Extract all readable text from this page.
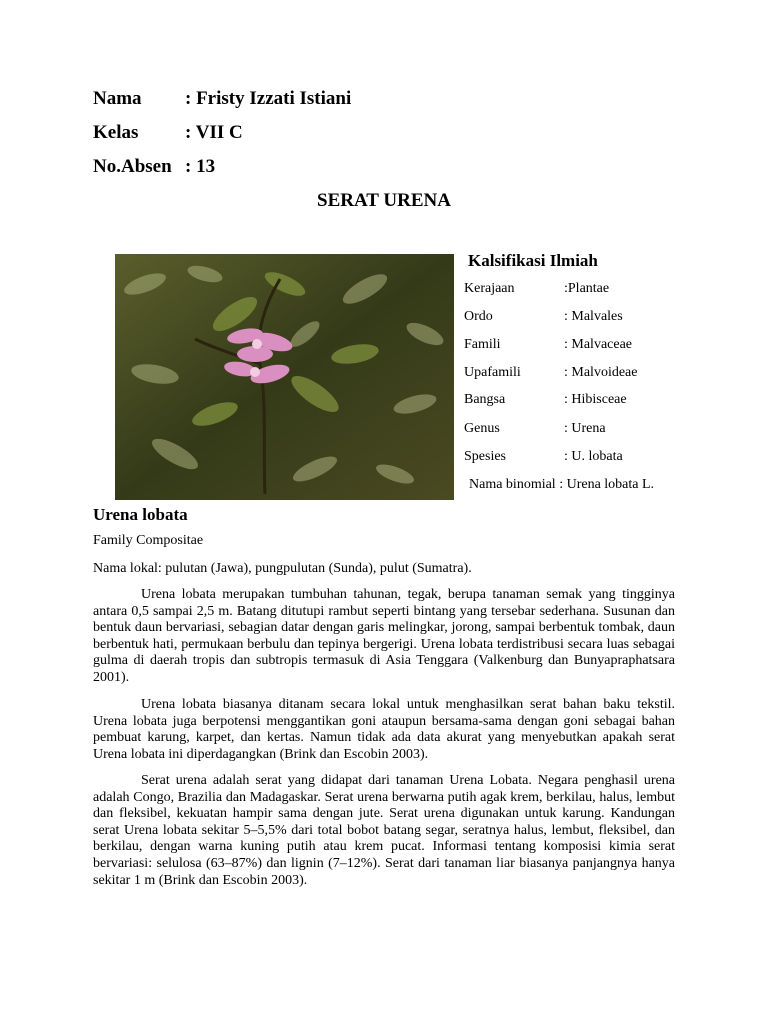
Nama : Fristy Izzati Istiani
Kelas : VII C
No.Absen : 13
SERAT URENA
Kalsifikasi Ilmiah
Kerajaan	:Plantae
Ordo	: Malvales
Famili	: Malvaceae
Upafamili	: Malvoideae
Bangsa	: Hibisceae
Genus	: Urena
Spesies	: U. lobata
Nama binomial : Urena lobata L.
Urena lobata
Family Compositae
Nama lokal: pulutan (Jawa), pungpulutan (Sunda), pulut (Sumatra).

Urena lobata merupakan tumbuhan tahunan, tegak, berupa tanaman semak yang tingginya antara 0,5 sampai 2,5 m. Batang ditutupi rambut seperti bintang yang tersebar sederhana. Susunan dan bentuk daun bervariasi, sebagian datar dengan garis melingkar, jorong, sampai berbentuk tombak, daun berbentuk hati, permukaan berbulu dan tepinya bergerigi. Urena lobata terdistribusi secara luas sebagai gulma di daerah tropis dan subtropis termasuk di Asia Tenggara (Valkenburg dan Bunyapraphatsara 2001).

Urena lobata biasanya ditanam secara lokal untuk menghasilkan serat bahan baku tekstil. Urena lobata juga berpotensi menggantikan goni ataupun bersama-sama dengan goni sebagai bahan pembuat karung, karpet, dan kertas. Namun tidak ada data akurat yang menyebutkan apakah serat Urena lobata ini diperdagangkan (Brink dan Escobin 2003).

Serat urena adalah serat yang didapat dari tanaman Urena Lobata. Negara penghasil urena adalah Congo, Brazilia dan Madagaskar. Serat urena berwarna putih agak krem, berkilau, halus, lembut dan fleksibel, kekuatan hampir sama dengan jute. Serat urena digunakan untuk karung. Kandungan serat Urena lobata sekitar 5–5,5% dari total bobot batang segar, seratnya halus, lembut, fleksibel, dan berkilau, dengan warna kuning putih atau krem pucat. Informasi tentang komposisi kimia serat bervariasi: selulosa (63–87%) dan lignin (7–12%). Serat dari tanaman liar biasanya panjangnya hanya sekitar 1 m (Brink dan Escobin 2003).
